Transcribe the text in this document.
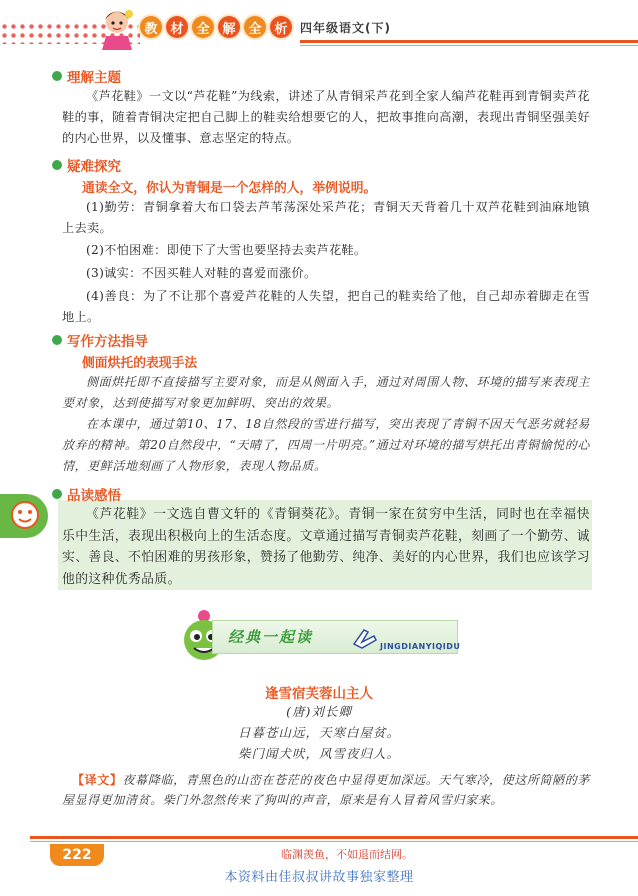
教 材 全 解 全 析	四年级语文(下)
理解主题
《芦花鞋》一文以“芦花鞋”为线索，讲述了从青铜采芦花到全家人编芦花鞋再到青铜卖芦花鞋的事，随着青铜决定把自己脚上的鞋卖给想要它的人，把故事推向高潮，表现出青铜坚强美好的内心世界，以及懂事、意志坚定的特点。
疑难探究
通读全文，你认为青铜是一个怎样的人，举例说明。
(1)勤劳：青铜拿着大布口袋去芦苇荡深处采芦花；青铜天天背着几十双芦花鞋到油麻地镇上去卖。
(2)不怕困难：即使下了大雪也要坚持去卖芦花鞋。
(3)诚实：不因买鞋人对鞋的喜爱而涨价。
(4)善良：为了不让那个喜爱芦花鞋的人失望，把自己的鞋卖给了他，自己却赤着脚走在雪地上。
写作方法指导
侧面烘托的表现手法
侧面烘托即不直接描写主要对象，而是从侧面入手，通过对周围人物、环境的描写来表现主要对象，达到使描写对象更加鲜明、突出的效果。
在本课中，通过第10、17、18自然段的雪进行描写，突出表现了青铜不因天气恶劣就轻易放弃的精神。第20自然段中，“天晴了，四周一片明亮。”通过对环境的描写烘托出青铜愉悦的心情，更鲜活地刻画了人物形象，表现人物品质。
品读感悟
《芦花鞋》一文选自曹文轩的《青铜葵花》。青铜一家在贫穷中生活，同时也在幸福快乐中生活，表现出积极向上的生活态度。文章通过描写青铜卖芦花鞋，刻画了一个勤劳、诚实、善良、不怕困难的男孩形象，赞扬了他勤劳、纯净、美好的内心世界，我们也应该学习他的这种优秀品质。
经典一起读
JINGDIANYIQIDU
逢雪宿芙蓉山主人
(唐)刘长卿
日暮苍山远，天寒白屋贫。
柴门闻犬吠，风雪夜归人。
【译文】夜幕降临，青黑色的山峦在苍茫的夜色中显得更加深远。天气寒冷，使这所简陋的茅屋显得更加清贫。柴门外忽然传来了狗叫的声音，原来是有人冒着风雪归家来。
222	临渊羡鱼，不如退而结网。
本资料由佳叔叔讲故事独家整理
